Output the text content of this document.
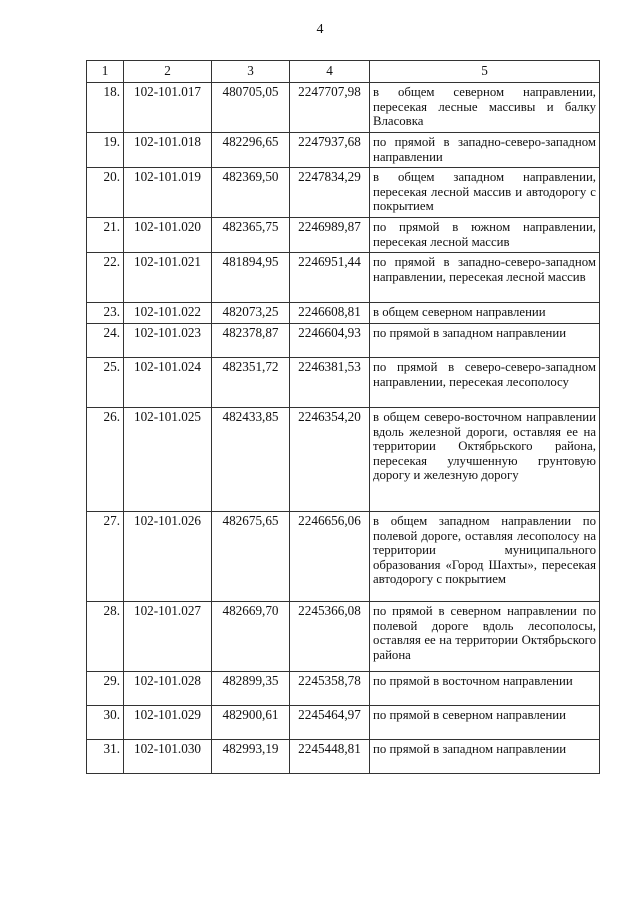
4
1	2	3	4	5
18.	102-101.017	480705,05	2247707,98	в общем северном направлении, пересекая лесные массивы и балку Власовка
19.	102-101.018	482296,65	2247937,68	по прямой в западно-северо-западном направлении
20.	102-101.019	482369,50	2247834,29	в общем западном направлении, пересекая лесной массив и автодорогу с покрытием
21.	102-101.020	482365,75	2246989,87	по прямой в южном направлении, пересекая лесной массив
22.	102-101.021	481894,95	2246951,44	по прямой в западно-северо-западном направлении, пересекая лесной массив
23.	102-101.022	482073,25	2246608,81	в общем северном направлении
24.	102-101.023	482378,87	2246604,93	по прямой в западном направлении
25.	102-101.024	482351,72	2246381,53	по прямой в северо-северо-западном направлении, пересекая лесополосу
26.	102-101.025	482433,85	2246354,20	в общем северо-восточном направлении вдоль железной дороги, оставляя ее на территории Октябрьского района, пересекая улучшенную грунтовую дорогу и железную дорогу
27.	102-101.026	482675,65	2246656,06	в общем западном направлении по полевой дороге, оставляя лесополосу на территории муниципального образования «Город Шахты», пересекая автодорогу с покрытием
28.	102-101.027	482669,70	2245366,08	по прямой в северном направлении по полевой дороге вдоль лесополосы, оставляя ее на территории Октябрьского района
29.	102-101.028	482899,35	2245358,78	по прямой в восточном направлении
30.	102-101.029	482900,61	2245464,97	по прямой в северном направлении
31.	102-101.030	482993,19	2245448,81	по прямой в западном направлении
